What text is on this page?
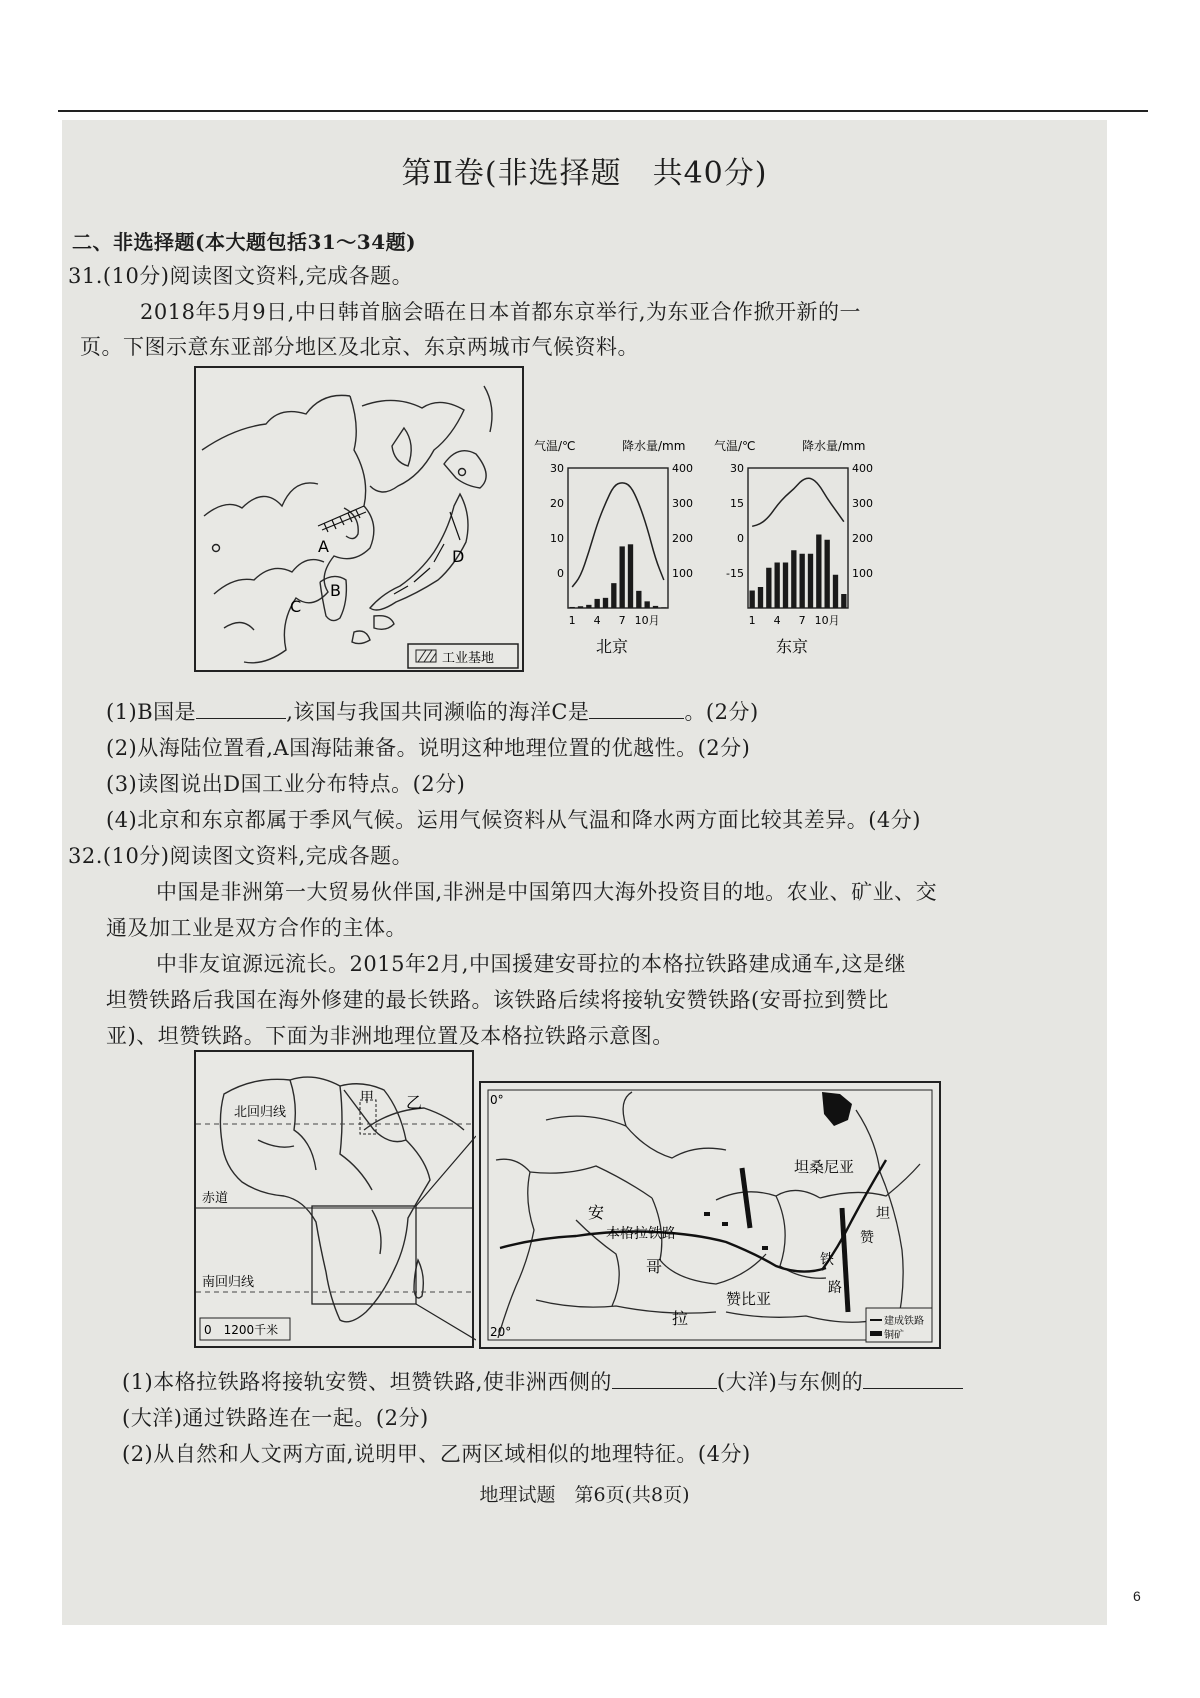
第Ⅱ卷(非选择题　共40分)
二、非选择题(本大题包括31～34题)
31.(10分)阅读图文资料,完成各题。
2018年5月9日,中日韩首脑会晤在日本首都东京举行,为东亚合作掀开新的一
页。下图示意东亚部分地区及北京、东京两城市气候资料。
A
B
C
D
工业基地
气温/℃	降水量/mm
30
20
10
0
400
300
200
100
1 4 7 10月
北京
气温/℃	降水量/mm
30
15
0
-15
400
300
200
100
1 4 7 10月
东京
(1)B国是	,该国与我国共同濒临的海洋C是	。(2分)
(2)从海陆位置看,A国海陆兼备。说明这种地理位置的优越性。(2分)
(3)读图说出D国工业分布特点。(2分)
(4)北京和东京都属于季风气候。运用气候资料从气温和降水两方面比较其差异。(4分)
32.(10分)阅读图文资料,完成各题。
中国是非洲第一大贸易伙伴国,非洲是中国第四大海外投资目的地。农业、矿业、交
通及加工业是双方合作的主体。
中非友谊源远流长。2015年2月,中国援建安哥拉的本格拉铁路建成通车,这是继
坦赞铁路后我国在海外修建的最长铁路。该铁路后续将接轨安赞铁路(安哥拉到赞比
亚)、坦赞铁路。下面为非洲地理位置及本格拉铁路示意图。
北回归线
赤道
南回归线
甲 乙
0　1200千米
0°
20°
安
哥
拉
本格拉铁路
赞比亚
坦桑尼亚
坦
赞
铁
路
建成铁路
铜矿
(1)本格拉铁路将接轨安赞、坦赞铁路,使非洲西侧的	(大洋)与东侧的
(大洋)通过铁路连在一起。(2分)
(2)从自然和人文两方面,说明甲、乙两区域相似的地理特征。(4分)
地理试题　第6页(共8页)
6
